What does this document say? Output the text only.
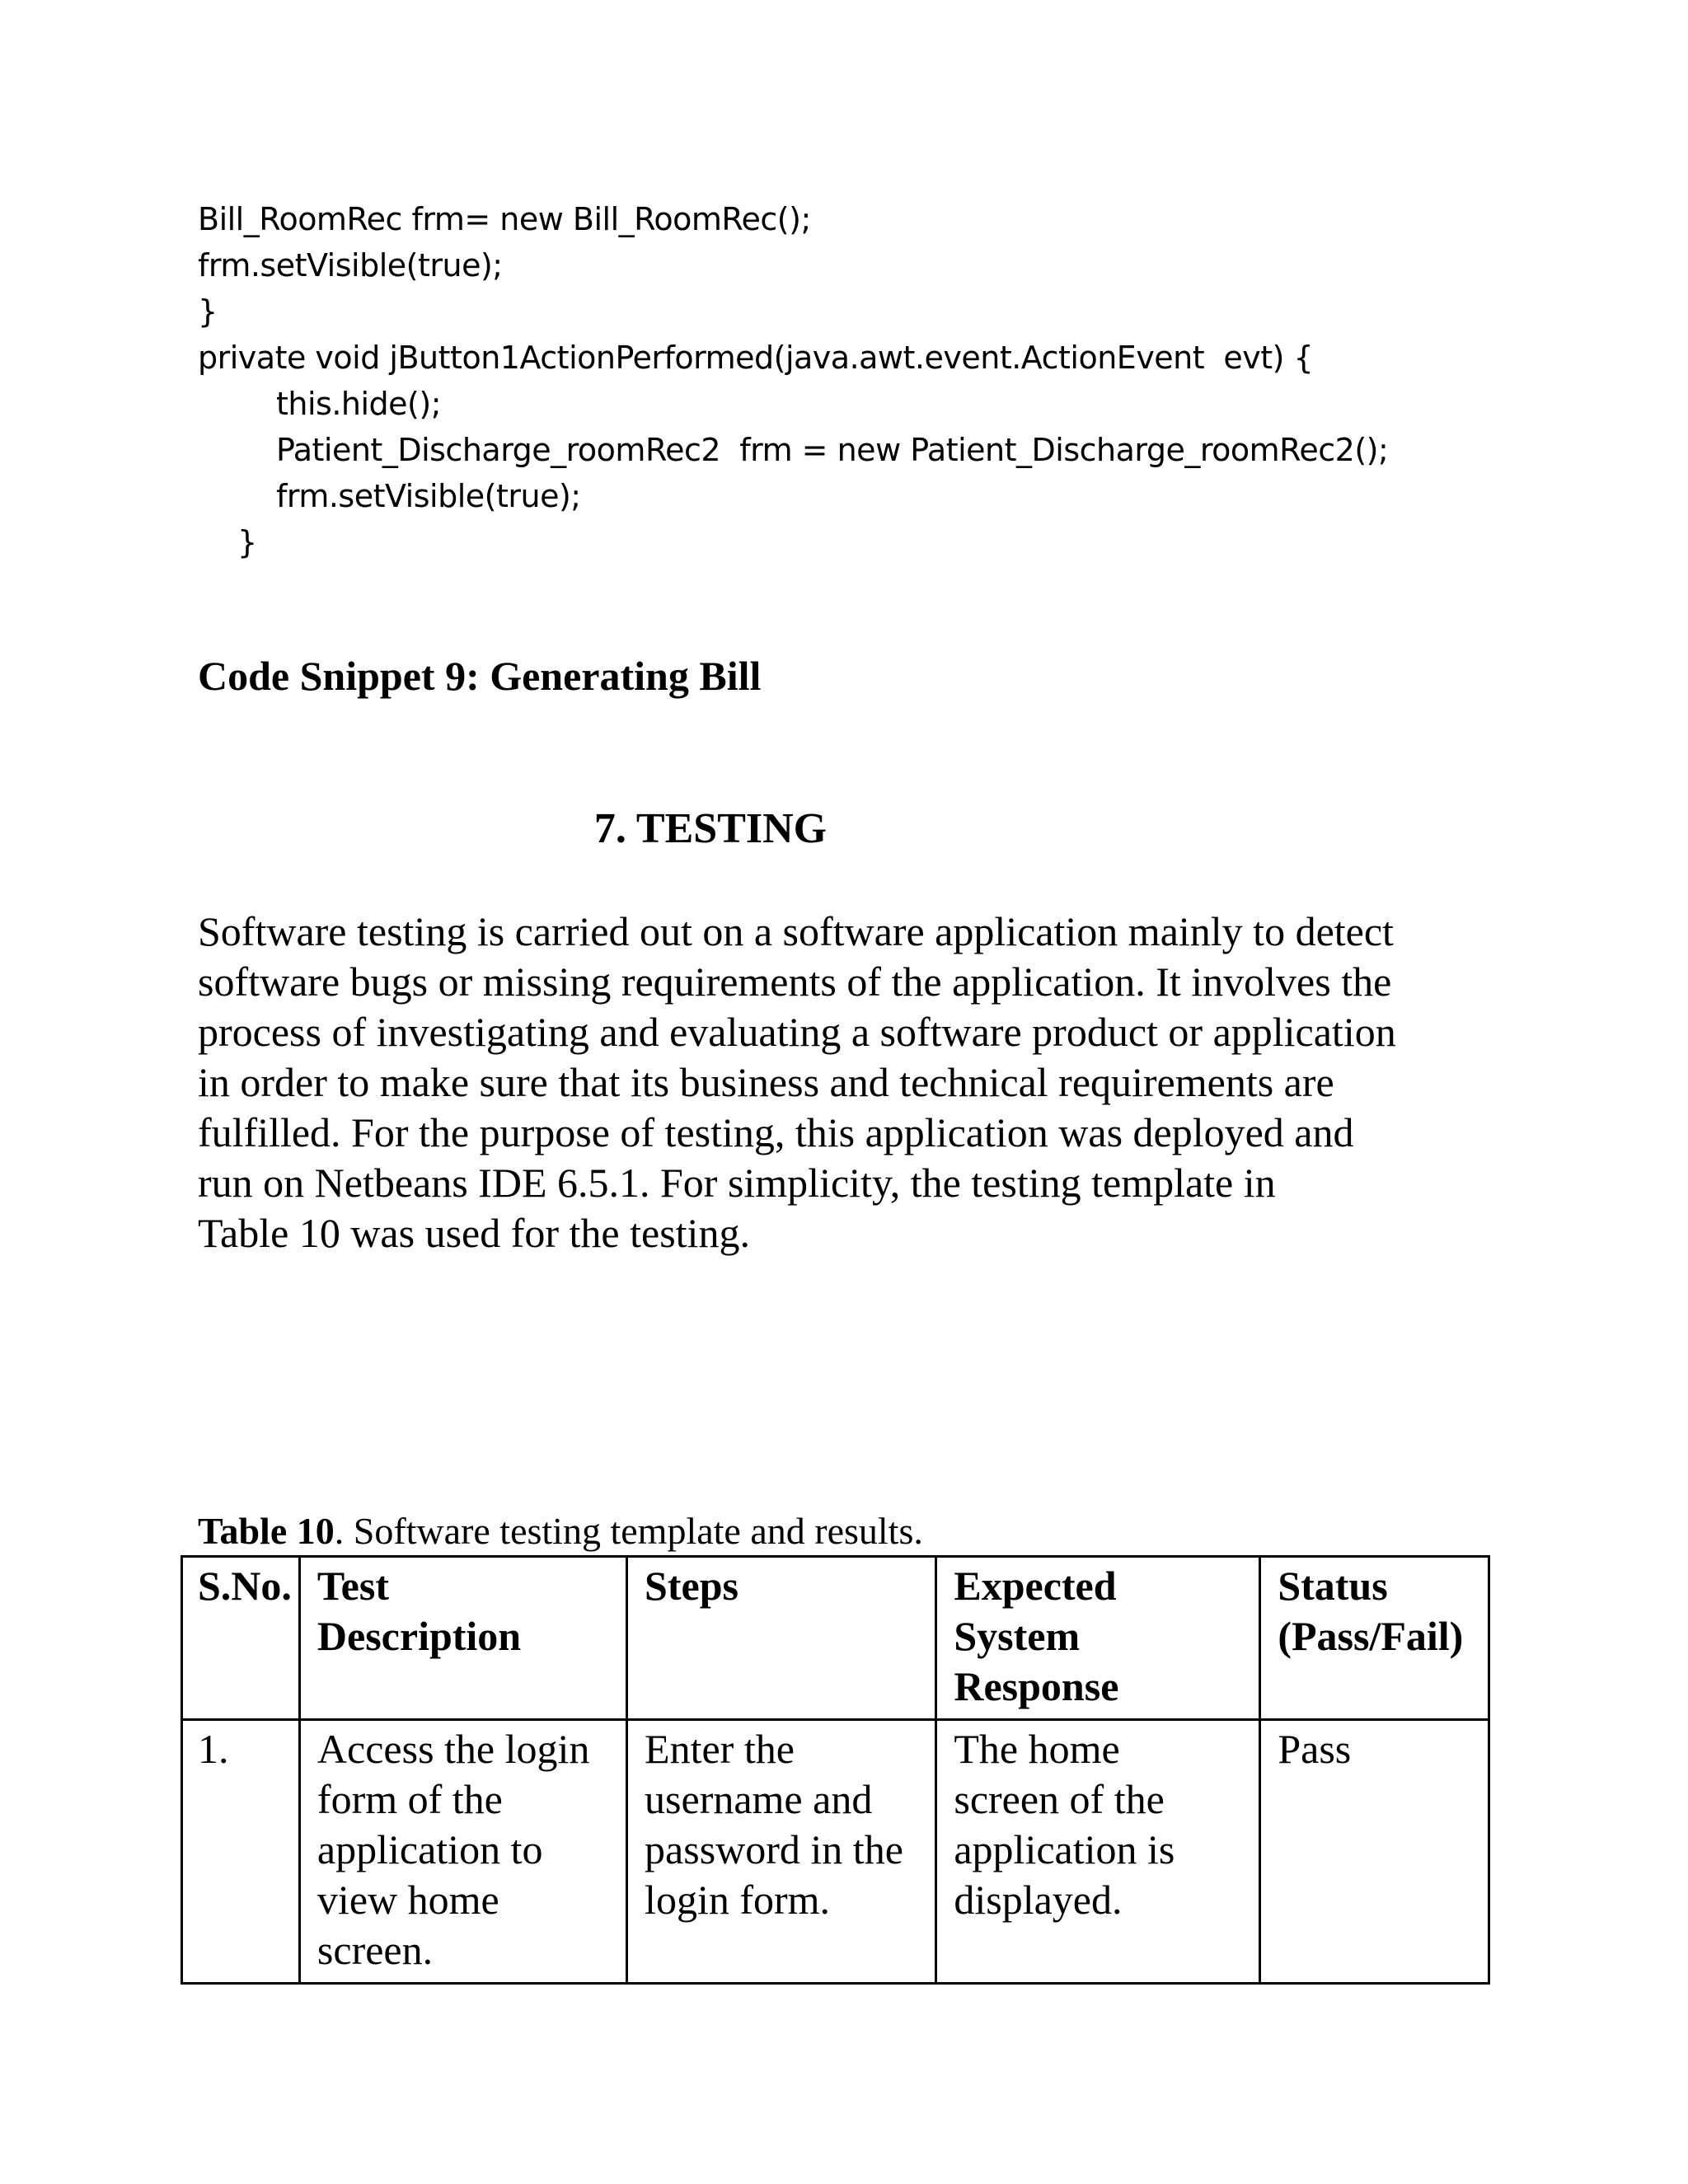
Bill_RoomRec frm= new Bill_RoomRec();
frm.setVisible(true);
}
private void jButton1ActionPerformed(java.awt.event.ActionEvent  evt) {
this.hide();
Patient_Discharge_roomRec2  frm = new Patient_Discharge_roomRec2();
frm.setVisible(true);
}
Code Snippet 9: Generating Bill
7. TESTING
Software testing is carried out on a software application mainly to detect
software bugs or missing requirements of the application. It involves the
process of investigating and evaluating a software product or application
in order to make sure that its business and technical requirements are
fulfilled. For the purpose of testing, this application was deployed and
run on Netbeans IDE 6.5.1. For simplicity, the testing template in
Table 10 was used for the testing.
Table 10. Software testing template and results.
S.No.	Test
Description	Steps	Expected
System
Response	Status
(Pass/Fail)

1.	Access the login
form of the
application to
view home
screen.	Enter the
username and
password in the
login form.	The home
screen of the
application is
displayed.	Pass
